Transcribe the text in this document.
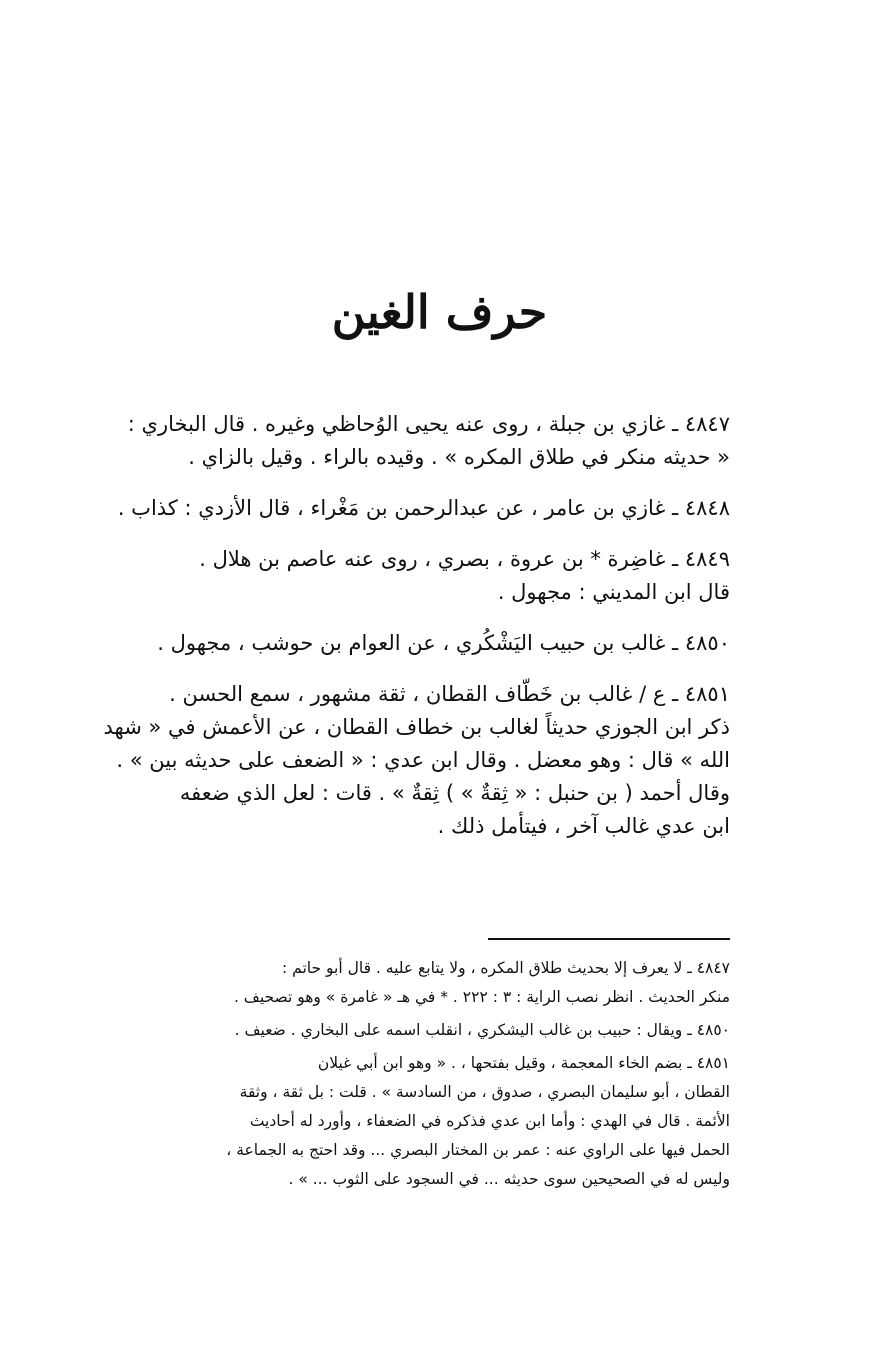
حرف الغين
٤٨٤٧ ـ غازي بن جبلة ، روى عنه يحيى الوُحاظي وغيره . قال البخاري :
« حديثه منكر في طلاق المكره » . وقيده بالراء . وقيل بالزاي .
٤٨٤٨ ـ غازي بن عامر ، عن عبدالرحمن بن مَغْراء ، قال الأزدي : كذاب .
٤٨٤٩ ـ غاضِرة * بن عروة ، بصري ، روى عنه عاصم بن هلال .
قال ابن المديني : مجهول .
٤٨٥٠ ـ غالب بن حبيب اليَشْكُري ، عن العوام بن حوشب ، مجهول .
٤٨٥١ ـ ع / غالب بن خَطّاف القطان ، ثقة مشهور ، سمع الحسن .
ذكر ابن الجوزي حديثاً لغالب بن خطاف القطان ، عن الأعمش في « شهد
الله » قال : وهو معضل . وقال ابن عدي : « الضعف على حديثه بين » .
وقال أحمد ( بن حنبل : « ثِقةٌ » ) ثِقةٌ » . قات : لعل الذي ضعفه
ابن عدي غالب آخر ، فيتأمل ذلك .
٤٨٤٧ ـ لا يعرف إلا بحديث طلاق المكره ، ولا يتابع عليه . قال أبو حاتم :
منكر الحديث . انظر نصب الراية : ٣ : ٢٢٢ . * في هـ « غامرة » وهو تصحيف .
٤٨٥٠ ـ ويقال : حبيب بن غالب اليشكري ، انقلب اسمه على البخاري . ضعيف .
٤٨٥١ ـ بضم الخاء المعجمة ، وقيل بفتحها ، . « وهو ابن أبي غيلان
القطان ، أبو سليمان البصري ، صدوق ، من السادسة » . قلت : بل ثقة ، وثقة
الأئمة . قال في الهدي : وأما ابن عدي فذكره في الضعفاء ، وأورد له أحاديث
الحمل فيها على الراوي عنه : عمر بن المختار البصري ... وقد احتج به الجماعة ،
وليس له في الصحيحين سوى حديثه ... في السجود على الثوب ... » .
